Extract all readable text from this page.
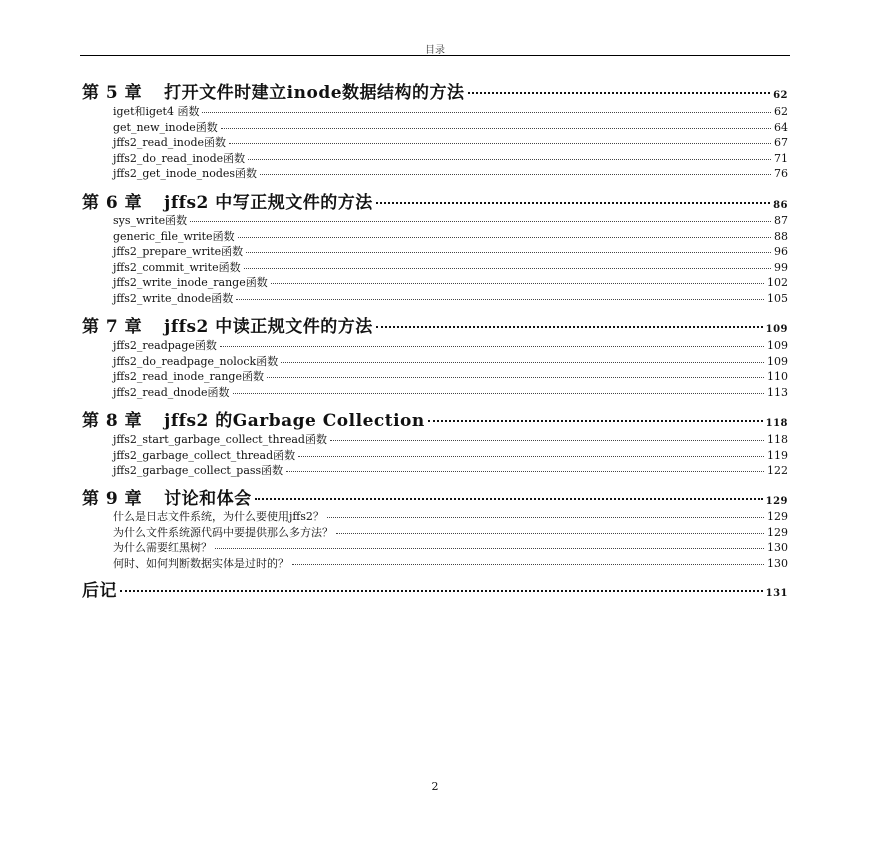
目录
第 5 章 打开文件时建立inode数据结构的方法	62
iget和iget4 函数	62
get_new_inode函数	64
jffs2_read_inode函数	67
jffs2_do_read_inode函数	71
jffs2_get_inode_nodes函数	76
第 6 章 jffs2 中写正规文件的方法	86
sys_write函数	87
generic_file_write函数	88
jffs2_prepare_write函数	96
jffs2_commit_write函数	99
jffs2_write_inode_range函数	102
jffs2_write_dnode函数	105
第 7 章 jffs2 中读正规文件的方法	109
jffs2_readpage函数	109
jffs2_do_readpage_nolock函数	109
jffs2_read_inode_range函数	110
jffs2_read_dnode函数	113
第 8 章 jffs2 的Garbage Collection	118
jffs2_start_garbage_collect_thread函数	118
jffs2_garbage_collect_thread函数	119
jffs2_garbage_collect_pass函数	122
第 9 章 讨论和体会	129
什么是日志文件系统，为什么要使用jffs2？	129
为什么文件系统源代码中要提供那么多方法？	129
为什么需要红黑树？	130
何时、如何判断数据实体是过时的？	130
后记	131
2
